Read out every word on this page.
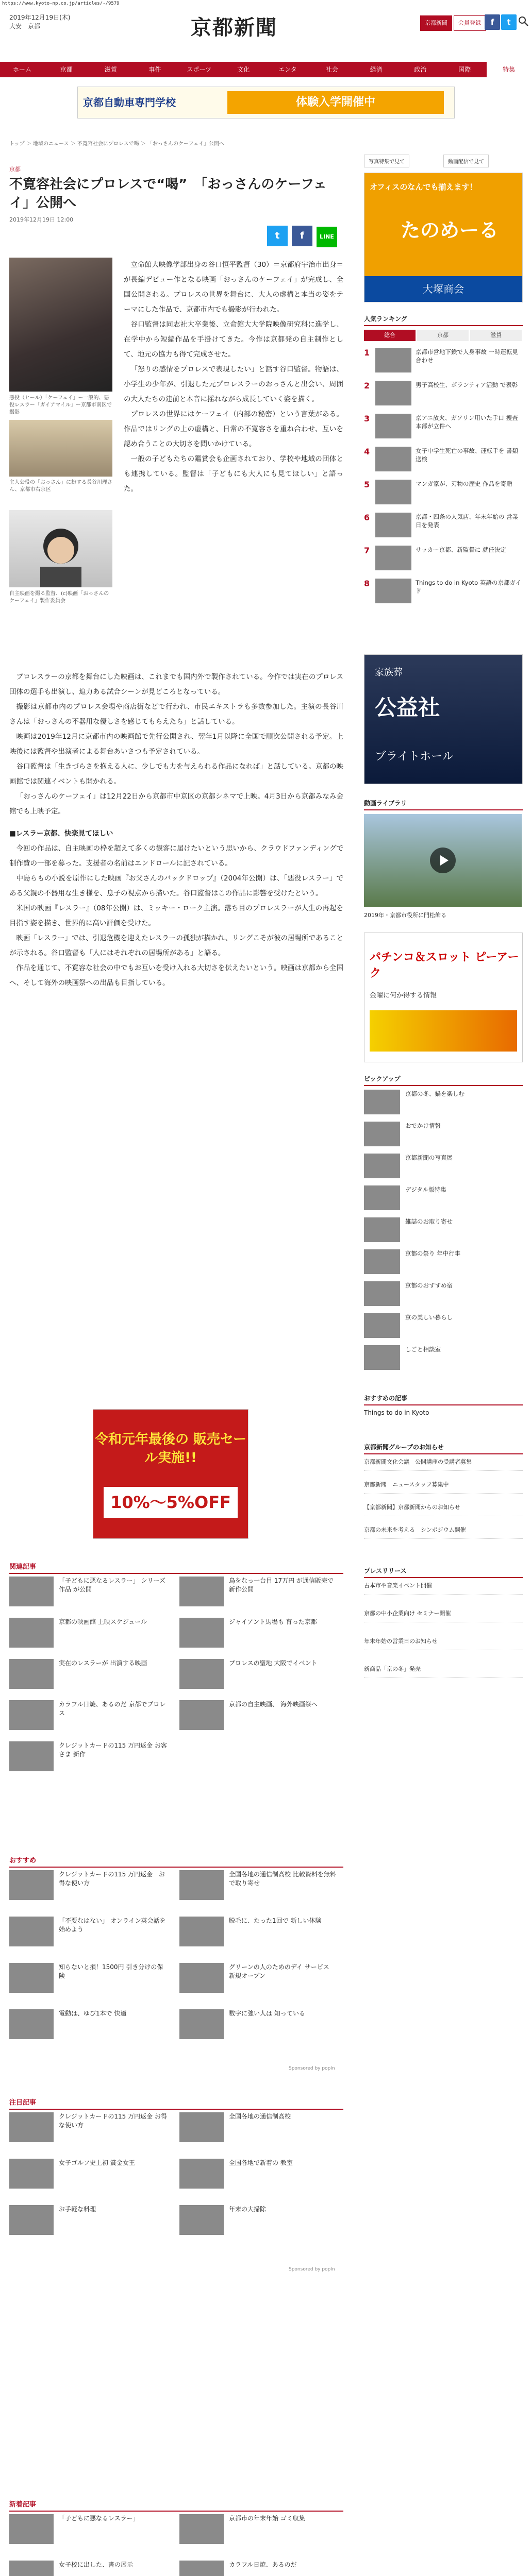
https://www.kyoto-np.co.jp/articles/-/9579
2019年12月19日(木)
大安　京都	京都新聞	京都新聞	会員登録	f	t
ホーム	京都	滋賀	事件	スポーツ	文化	エンタ	社会	経済	政治	国際	特集
京都自動車専門学校	体験入学開催中
トップ ＞ 地域のニュース ＞ 不寛容社会にプロレスで喝 ＞ 「おっさんのケーフェイ」公開へ
写真特集で見て	動画配信で見て
京都
不寛容社会にプロレスで“喝”　「おっさんのケーフェイ」公開へ
2019年12月19日 12:00
t f	LINE
悪役（ヒール）「ケーフェイ」ー一般的、悪役レスラー「ガイアマイル」ー京都市南区で撮影
主人公役の「おっさん」に扮する長谷川理さん、京都市右京区
自主映画を撮る監督、(c)映画「おっさんのケーフェイ」製作委員会

立命館大映像学部出身の谷口恒平監督（30）＝京都府宇治市出身＝が長編デビュー作となる映画「おっさんのケーフェイ」が完成し、全国公開される。プロレスの世界を舞台に、大人の虚構と本当の姿をテーマにした作品で、京都市内でも撮影が行われた。

谷口監督は同志社大卒業後、立命館大大学院映像研究科に進学し、在学中から短編作品を手掛けてきた。今作は京都発の自主制作として、地元の協力も得て完成させた。

「怒りの感情をプロレスで表現したい」と話す谷口監督。物語は、小学生の少年が、引退した元プロレスラーのおっさんと出会い、周囲の大人たちの建前と本音に揺れながら成長していく姿を描く。

プロレスの世界にはケーフェイ（内部の秘密）という言葉がある。作品ではリングの上の虚構と、日常の不寛容さを重ね合わせ、互いを認め合うことの大切さを問いかけている。

一般の子どもたちの鑑賞会も企画されており、学校や地域の団体とも連携している。監督は「子どもにも大人にも見てほしい」と語った。

プロレスラーの京都を舞台にした映画は、これまでも国内外で製作されている。今作では実在のプロレス団体の選手も出演し、迫力ある試合シーンが見どころとなっている。

撮影は京都市内のプロレス会場や商店街などで行われ、市民エキストラも多数参加した。主演の長谷川さんは「おっさんの不器用な優しさを感じてもらえたら」と話している。

映画は2019年12月に京都市内の映画館で先行公開され、翌年1月以降に全国で順次公開される予定。上映後には監督や出演者による舞台あいさつも予定されている。

谷口監督は「生きづらさを抱える人に、少しでも力を与えられる作品になれば」と話している。京都の映画館では関連イベントも開かれる。

「おっさんのケーフェイ」は12月22日から京都市中京区の京都シネマで上映。4月3日から京都みなみ会館でも上映予定。

■レスラー京都、快楽見てほしい

今回の作品は、自主映画の枠を超えて多くの観客に届けたいという思いから、クラウドファンディングで制作費の一部を募った。支援者の名前はエンドロールに記されている。

中島らもの小説を原作にした映画『お父さんのバックドロップ』（2004年公開）は、「悪役レスラー」である父親の不器用な生き様を、息子の視点から描いた。谷口監督はこの作品に影響を受けたという。

米国の映画『レスラー』（08年公開）は、ミッキー・ローク主演。落ち目のプロレスラーが人生の再起を目指す姿を描き、世界的に高い評価を受けた。

映画「レスラー」では、引退危機を迎えたレスラーの孤独が描かれ、リングこそが彼の居場所であることが示される。谷口監督も「人にはそれぞれの居場所がある」と語る。

作品を通じて、不寛容な社会の中でもお互いを受け入れる大切さを伝えたいという。映画は京都から全国へ、そして海外の映画祭への出品も目指している。

令和元年最後の 販売セール実施!!
10%〜5%OFF
オフィスのなんでも揃えます！
たのめーる
大塚商会
人気ランキング
総合	京都	滋賀
1	京都市営地下鉄で人身事故 一時運転見合わせ
2	男子高校生、ボランティア活動 で表彰
3	京アニ放火、ガソリン用いた手口 捜査本部が立件へ
4	女子中学生死亡の事故、運転手を 書類送検
5	マンガ家が、刃物の歴史 作品を寄贈
6	京都・四条の人気店、年末年始の 営業日を発表
7	サッカー京都、新監督に 就任決定
8	Things to do in Kyoto 英語の京都ガイド
家族葬
公益社
ブライトホール
動画ライブラリ
2019年・京都市役所に門松飾る
パチンコ＆スロット ピーアーク
金曜に何か得する情報
ピックアップ
京都の冬、鍋を楽しむ
おでかけ情報
京都新聞の写真展
デジタル版特集
雑誌のお取り寄せ
京都の祭り 年中行事
京都のおすすめ宿
京の美しい暮らし
しごと相談室
おすすめの記事
Things to do in Kyoto
京都新聞グループのお知らせ
京都新聞文化会議　公開講座の受講者募集
京都新聞　ニュースタッフ募集中
【京都新聞】京都新聞からのお知らせ
京都の未来を考える　シンポジウム開催
プレスリリース
古本市や音楽イベント開催
京都の中小企業向け セミナー開催
年末年始の営業日のお知らせ
新商品「京の冬」発売
関連記事
「子どもに悪なるレスラー」 シリーズ作品 が公開
鳥をなっ一台目 17万円 が通信販売で 新作公開
京都の映画館 上映スケジュール	ジャイアント馬場も 育った京都
実在のレスラーが 出演する映画	プロレスの聖地 大阪でイベント
カラフル日焼、あるのだ 京都でプロレス
京都の自主映画、 海外映画祭へ
クレジットカードの115 万円返金 お客さま 新作
おすすめ
クレジットカードの115 万円返金　お得な使い方
全国各地の通信制高校 比較資料を無料で取り寄せ
「不要なはない」 オンライン英会話を始めよう
脱毛に、たった1回で 新しい体験
知らないと損！1500円 引き分けの保険
グリーンの人のためのデイ サービス 新規オープン
電動は、ゆび1本で 快適	数字に強い人は 知っている
Sponsored by popIn
注目記事
クレジットカードの115 万円返金 お得な使い方
全国各地の通信制高校
女子ゴルフ史上初 賞金女王	全国各地で新着の 教室
お手軽な料理	年末の大掃除
Sponsored by popIn
新着記事
「子どもに悪なるレスラー」	京都市の年末年始 ゴミ収集
女子校に出した、書の展示	カラフル日焼、あるのだ
